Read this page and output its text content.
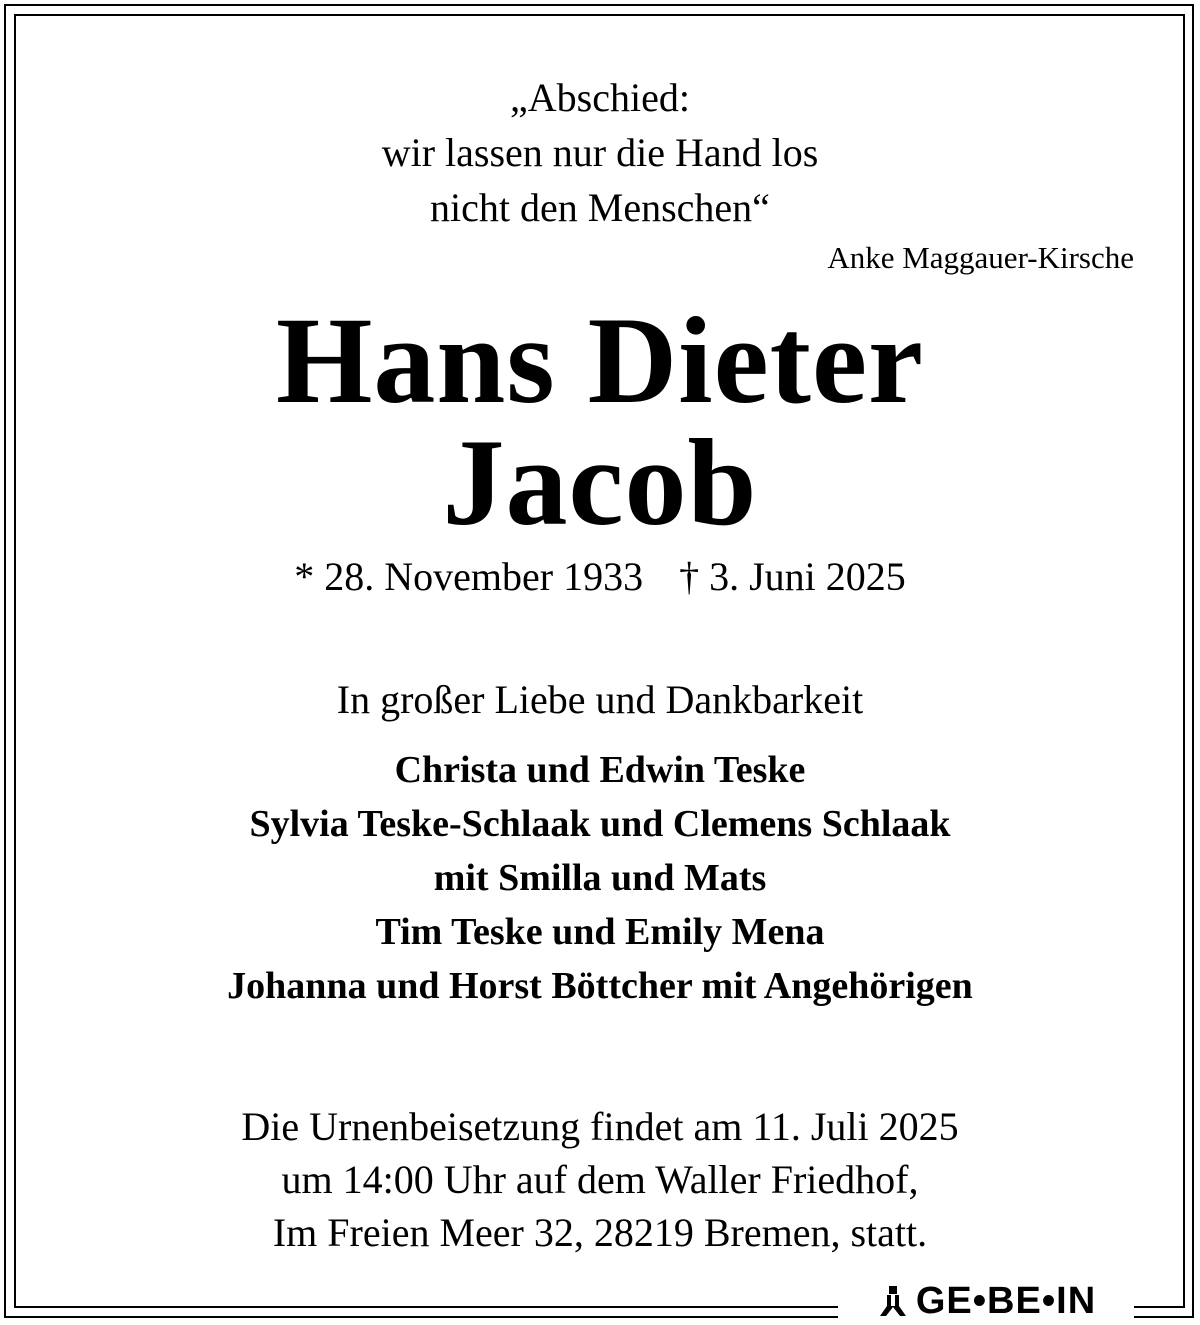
„Abschied:
wir lassen nur die Hand los
nicht den Menschen“
Anke Maggauer-Kirsche
Hans Dieter
Jacob
* 28. November 1933 † 3. Juni 2025
In großer Liebe und Dankbarkeit
Christa und Edwin Teske
Sylvia Teske-Schlaak und Clemens Schlaak
mit Smilla und Mats
Tim Teske und Emily Mena
Johanna und Horst Böttcher mit Angehörigen
Die Urnenbeisetzung findet am 11. Juli 2025
um 14:00 Uhr auf dem Waller Friedhof,
Im Freien Meer 32, 28219 Bremen, statt.
GE•BE•IN
